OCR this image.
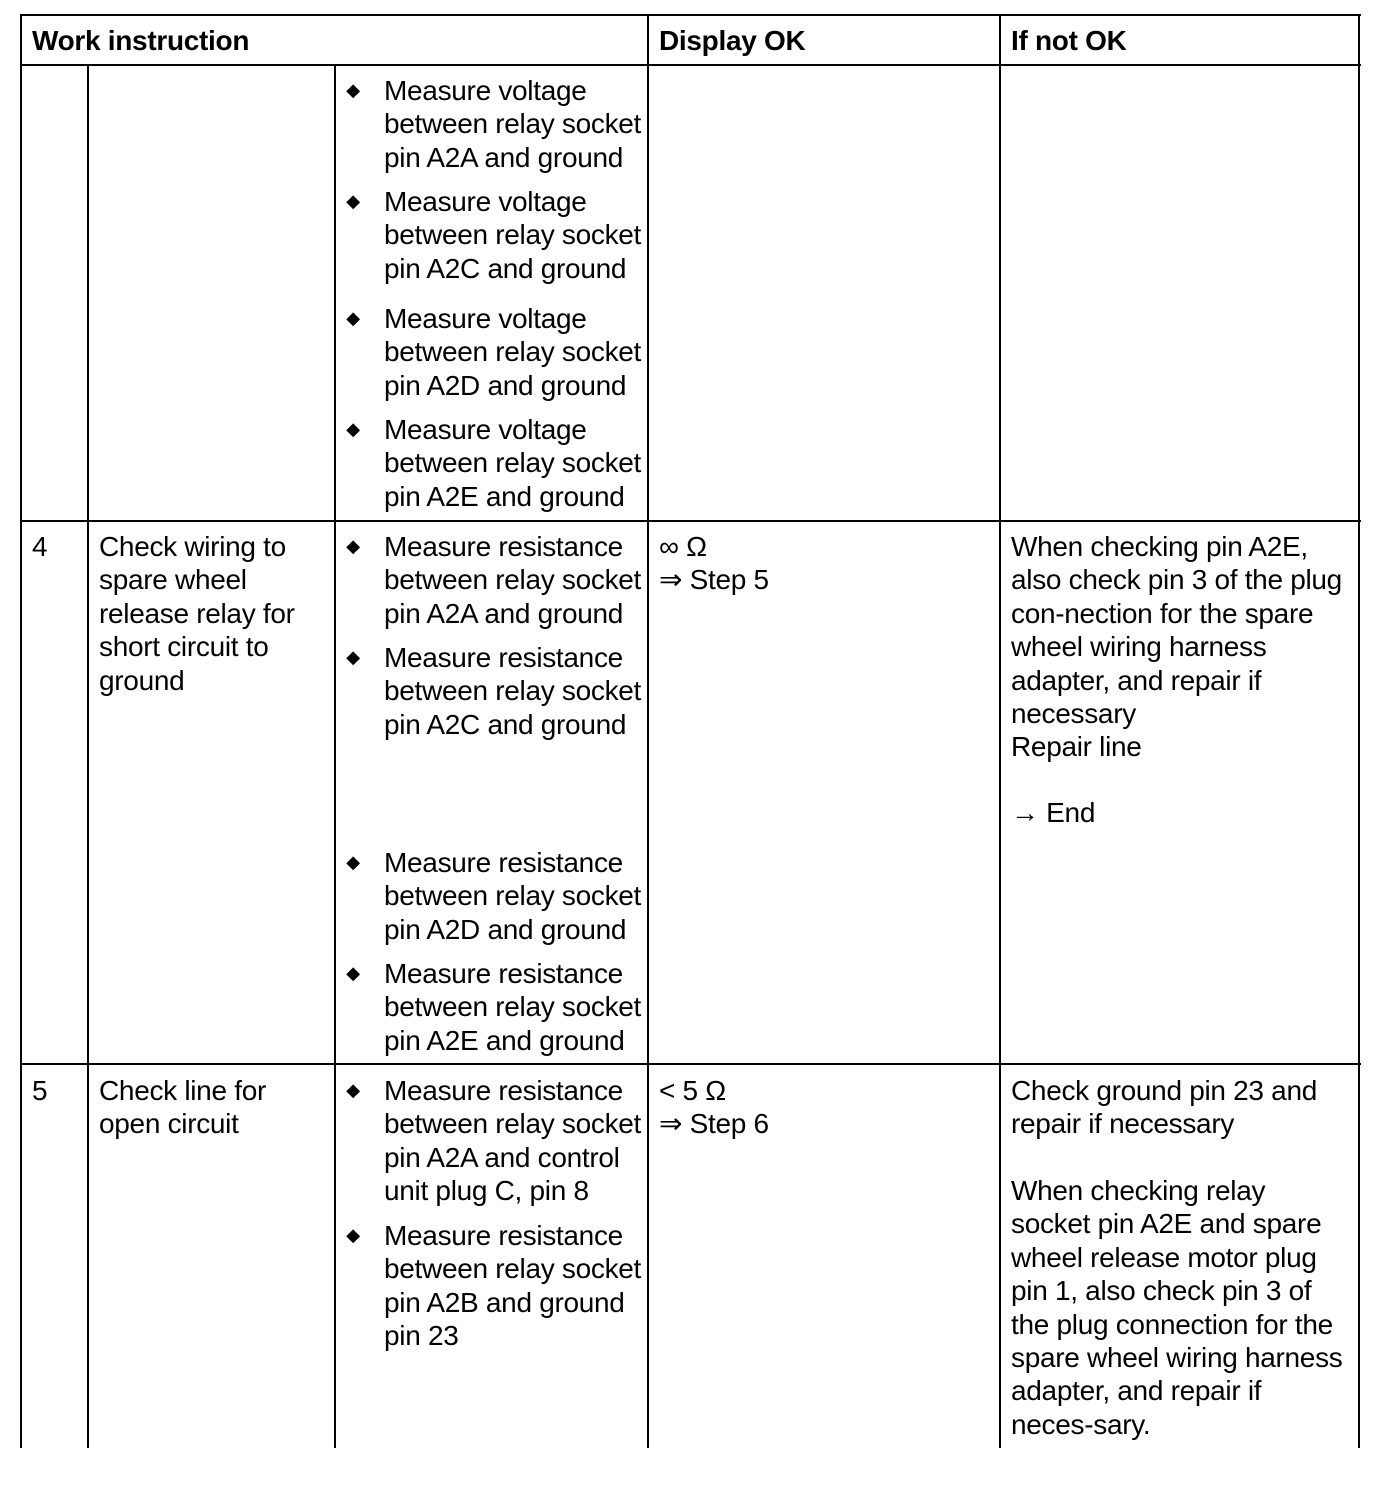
Work instruction	Display OK	If not OK
◆ Measure voltage between relay socket pin A2A and ground
◆ Measure voltage between relay socket pin A2C and ground
◆ Measure voltage between relay socket pin A2D and ground
◆ Measure voltage between relay socket pin A2E and ground
4 Check wiring to spare wheel release relay for short circuit to ground
◆ Measure resistance between relay socket pin A2A and ground
◆ Measure resistance between relay socket pin A2C and ground
◆ Measure resistance between relay socket pin A2D and ground
◆ Measure resistance between relay socket pin A2E and ground
∞ Ω
⇒ Step 5
When checking pin A2E, also check pin 3 of the plug con-nection for the spare wheel wiring harness adapter, and repair if necessary
Repair line
→ End
5 Check line for open circuit
◆ Measure resistance between relay socket pin A2A and control unit plug C, pin 8
◆ Measure resistance between relay socket pin A2B and ground pin 23
< 5 Ω
⇒ Step 6
Check ground pin 23 and repair if necessary
When checking relay socket pin A2E and spare wheel release motor plug pin 1, also check pin 3 of the plug connection for the spare wheel wiring harness adapter, and repair if neces-sary.
